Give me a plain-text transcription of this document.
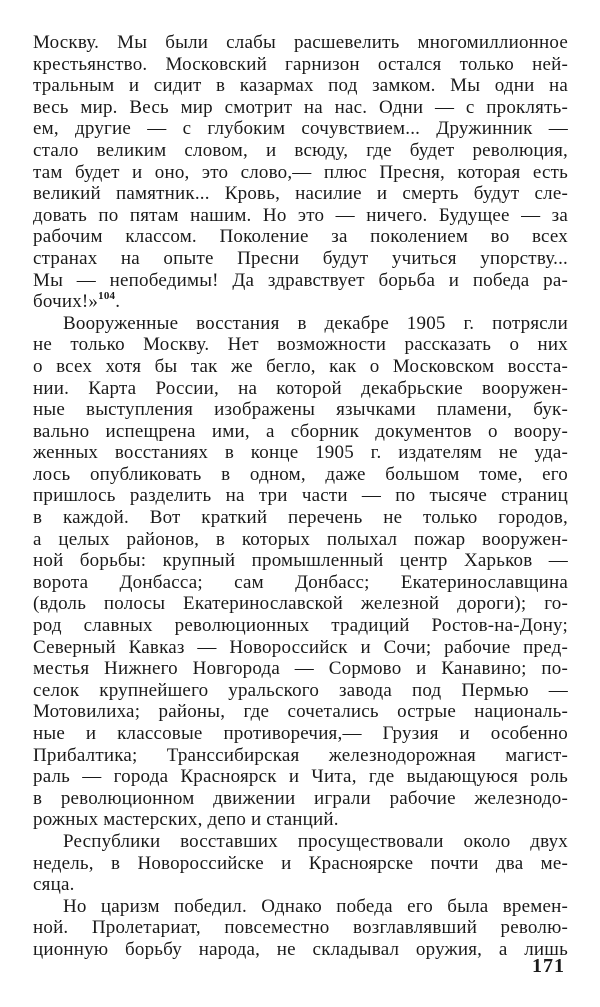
Москву. Мы были слабы расшевелить многомиллионное
крестьянство. Московский гарнизон остался только ней-
тральным и сидит в казармах под замком. Мы одни на
весь мир. Весь мир смотрит на нас. Одни — с проклять-
ем, другие — с глубоким сочувствием... Дружинник —
стало великим словом, и всюду, где будет революция,
там будет и оно, это слово,— плюс Пресня, которая есть
великий памятник... Кровь, насилие и смерть будут сле-
довать по пятам нашим. Но это — ничего. Будущее — за
рабочим классом. Поколение за поколением во всех
странах на опыте Пресни будут учиться упорству...
Мы — непобедимы! Да здравствует борьба и победа ра-
бочих!»$^{104}$.
Вооруженные восстания в декабре 1905 г. потрясли
не только Москву. Нет возможности рассказать о них
о всех хотя бы так же бегло, как о Московском восста-
нии. Карта России, на которой декабрьские вооружен-
ные выступления изображены язычками пламени, бук-
вально испещрена ими, а сборник документов о воору-
женных восстаниях в конце 1905 г. издателям не уда-
лось опубликовать в одном, даже большом томе, его
пришлось разделить на три части — по тысяче страниц
в каждой. Вот краткий перечень не только городов,
а целых районов, в которых полыхал пожар вооружен-
ной борьбы: крупный промышленный центр Харьков —
ворота Донбасса; сам Донбасс; Екатеринославщина
(вдоль полосы Екатеринославской железной дороги); го-
род славных революционных традиций Ростов-на-Дону;
Северный Кавказ — Новороссийск и Сочи; рабочие пред-
местья Нижнего Новгорода — Сормово и Канавино; по-
селок крупнейшего уральского завода под Пермью —
Мотовилиха; районы, где сочетались острые националь-
ные и классовые противоречия,— Грузия и особенно
Прибалтика; Транссибирская железнодорожная магист-
раль — города Красноярск и Чита, где выдающуюся роль
в революционном движении играли рабочие железнодо-
рожных мастерских, депо и станций.
Республики восставших просуществовали около двух
недель, в Новороссийске и Красноярске почти два ме-
сяца.
Но царизм победил. Однако победа его была времен-
ной. Пролетариат, повсеместно возглавлявший револю-
ционную борьбу народа, не складывал оружия, а лишь
171
